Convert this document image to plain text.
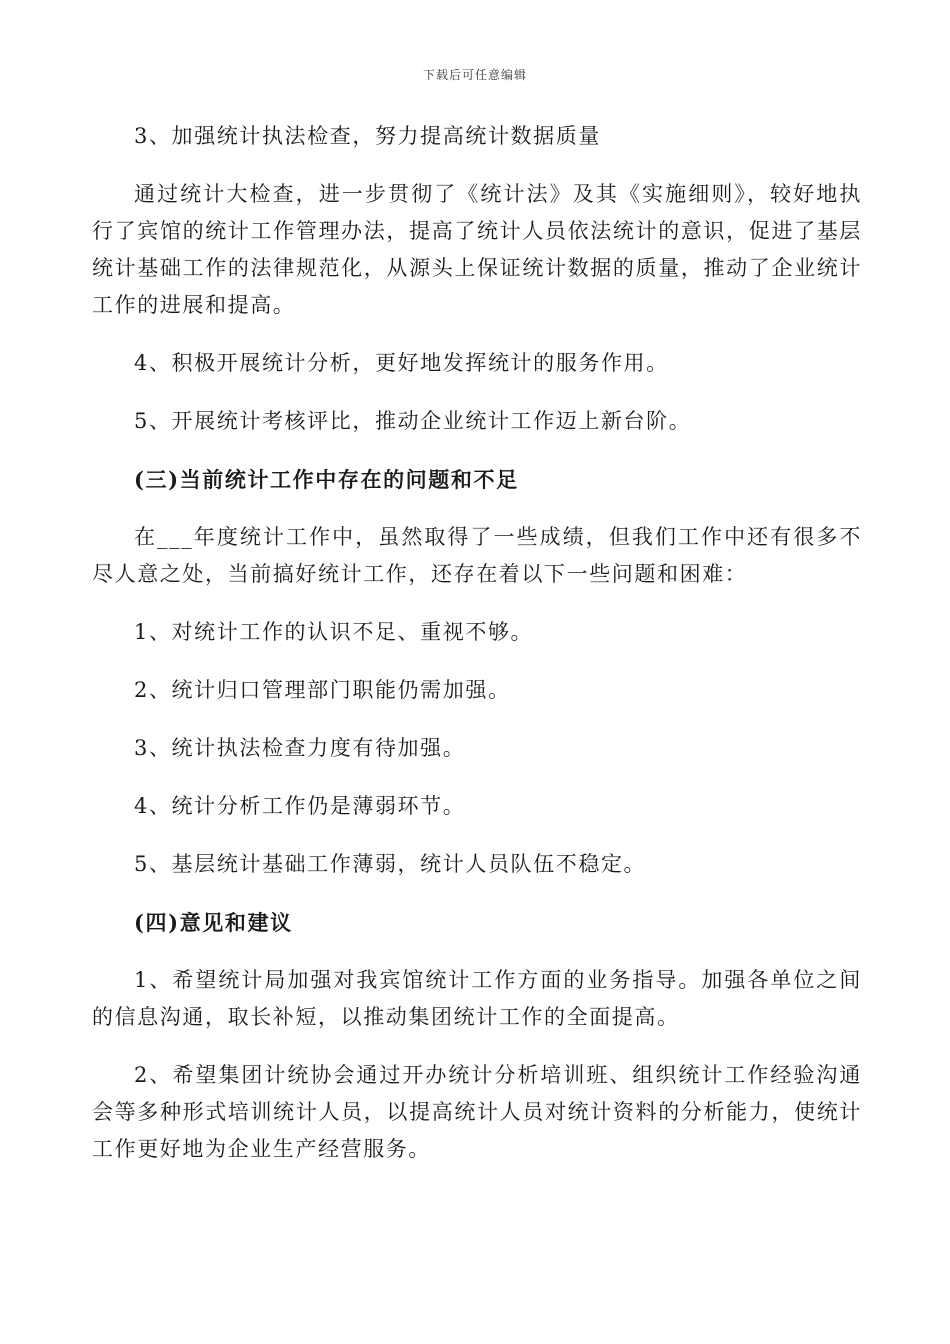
下载后可任意编辑

3、加强统计执法检查，努力提高统计数据质量

通过统计大检查，进一步贯彻了《统计法》及其《实施细则》，较好地执行了宾馆的统计工作管理办法，提高了统计人员依法统计的意识，促进了基层统计基础工作的法律规范化，从源头上保证统计数据的质量，推动了企业统计工作的进展和提高。

4、积极开展统计分析，更好地发挥统计的服务作用。

5、开展统计考核评比，推动企业统计工作迈上新台阶。

(三)当前统计工作中存在的问题和不足

在___年度统计工作中，虽然取得了一些成绩，但我们工作中还有很多不尽人意之处，当前搞好统计工作，还存在着以下一些问题和困难：

1、对统计工作的认识不足、重视不够。

2、统计归口管理部门职能仍需加强。

3、统计执法检查力度有待加强。

4、统计分析工作仍是薄弱环节。

5、基层统计基础工作薄弱，统计人员队伍不稳定。

(四)意见和建议

1、希望统计局加强对我宾馆统计工作方面的业务指导。加强各单位之间的信息沟通，取长补短，以推动集团统计工作的全面提高。

2、希望集团计统协会通过开办统计分析培训班、组织统计工作经验沟通会等多种形式培训统计人员，以提高统计人员对统计资料的分析能力，使统计工作更好地为企业生产经营服务。
